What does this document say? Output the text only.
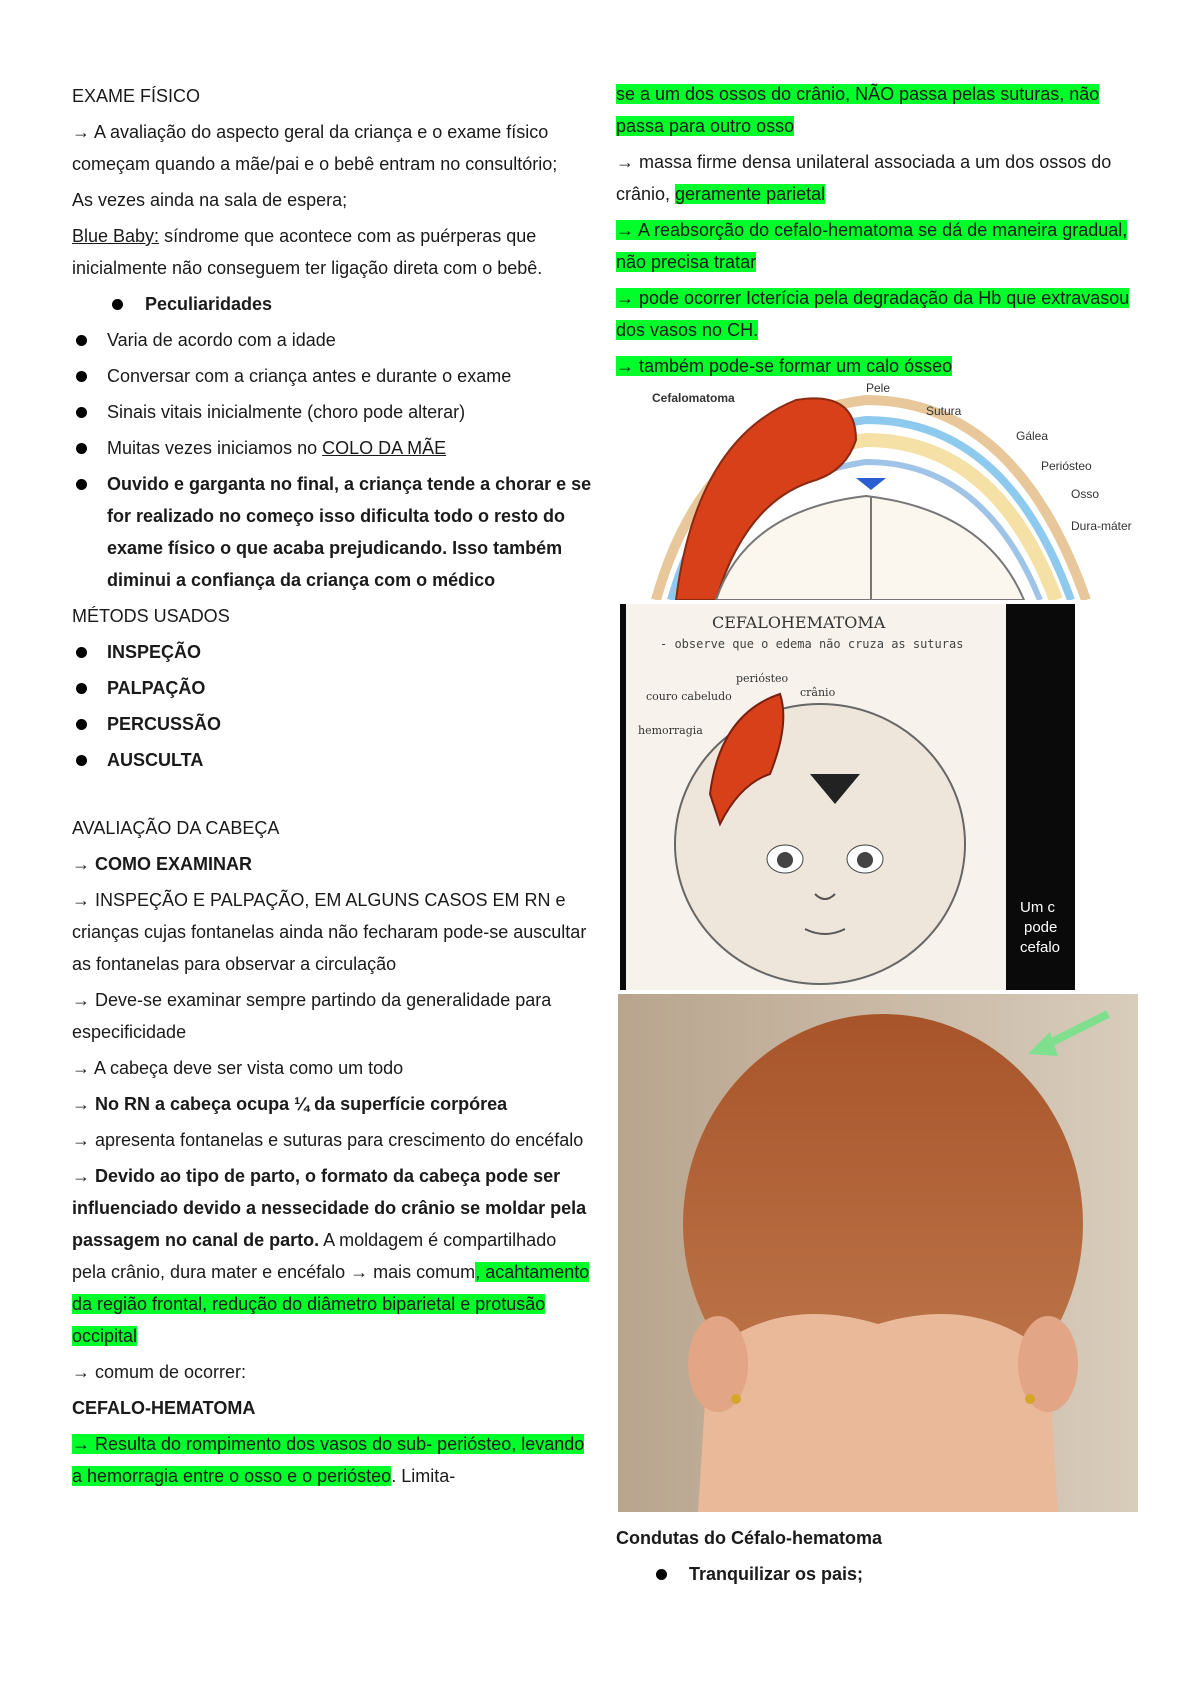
EXAME FÍSICO

→ A avaliação do aspecto geral da criança e o exame físico começam quando a mãe/pai e o bebê entram no consultório;

As vezes ainda na sala de espera;

Blue Baby: síndrome que acontece com as puérperas que inicialmente não conseguem ter ligação direta com o bebê.

Peculiaridades
Varia de acordo com a idade
Conversar com a criança antes e durante o exame
Sinais vitais inicialmente (choro pode alterar)
Muitas vezes iniciamos no COLO DA MÃE
Ouvido e garganta no final, a criança tende a chorar e se for realizado no começo isso dificulta todo o resto do exame físico o que acaba prejudicando. Isso também diminui a confiança da criança com o médico

MÉTODS USADOS

INSPEÇÃO
PALPAÇÃO
PERCUSSÃO
AUSCULTA

AVALIAÇÃO DA CABEÇA

→ COMO EXAMINAR

→ INSPEÇÃO E PALPAÇÃO, EM ALGUNS CASOS EM RN e crianças cujas fontanelas ainda não fecharam pode-se auscultar as fontanelas para observar a circulação

→ Deve-se examinar sempre partindo da generalidade para especificidade

→ A cabeça deve ser vista como um todo

→ No RN a cabeça ocupa ¼ da superfície corpórea

→ apresenta fontanelas e suturas para crescimento do encéfalo

→ Devido ao tipo de parto, o formato da cabeça pode ser influenciado devido a nessecidade do crânio se moldar pela passagem no canal de parto. A moldagem é compartilhado pela crânio, dura mater e encéfalo → mais comum, acahtamento da região frontal, redução do diâmetro biparietal e protusão occipital

→ comum de ocorrer:

CEFALO-HEMATOMA

→ Resulta do rompimento dos vasos do sub- periósteo, levando a hemorragia entre o osso e o periósteo. Limita-

se a um dos ossos do crânio, NÃO passa pelas suturas, não passa para outro osso

→ massa firme densa unilateral associada a um dos ossos do crânio, geramente parietal

→ A reabsorção do cefalo-hematoma se dá de maneira gradual, não precisa tratar

→ pode ocorrer Icterícia pela degradação da Hb que extravasou dos vasos no CH.

→ também pode-se formar um calo ósseo

Cefalomatoma
Pele
Sutura
Gálea
Periósteo
Osso
Dura-máter
CEFALOHEMATOMA
- observe que o edema não cruza as suturas
periósteo
crânio
couro cabeludo
hemorragia
Um c
pode
cefalo

Condutas do Céfalo-hematoma

Tranquilizar os pais;
